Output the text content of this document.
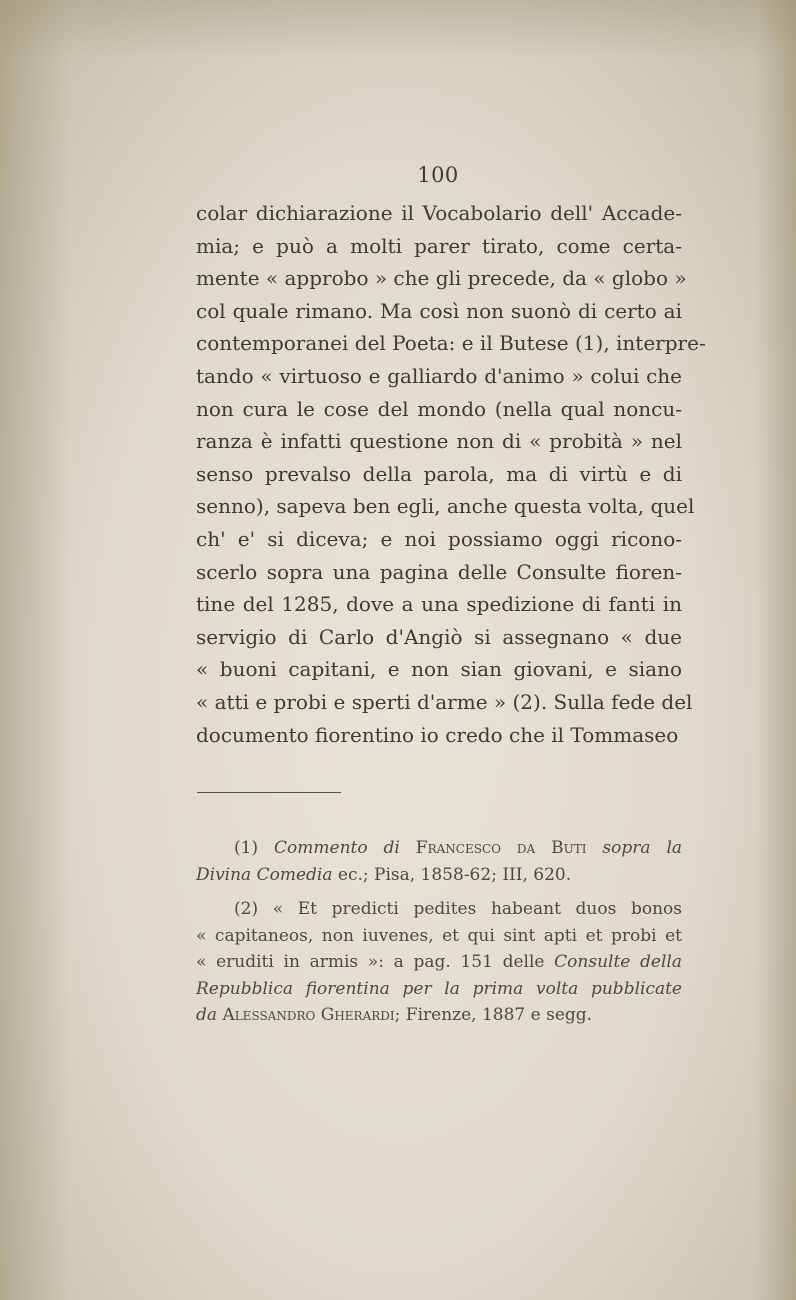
100
colar dichiarazione il Vocabolario dell' Accade-
mia; e può a molti parer tirato, come certa-
mente « approbo » che gli precede, da « globo »
col quale rimano. Ma così non suonò di certo ai
contemporanei del Poeta: e il Butese (1), interpre-
tando « virtuoso e galliardo d'animo » colui che
non cura le cose del mondo (nella qual noncu-
ranza è infatti questione non di « probità » nel
senso prevalso della parola, ma di virtù e di
senno), sapeva ben egli, anche questa volta, quel
ch' e' si diceva; e noi possiamo oggi ricono-
scerlo sopra una pagina delle Consulte fioren-
tine del 1285, dove a una spedizione di fanti in
servigio di Carlo d'Angiò si assegnano « due
« buoni capitani, e non sian giovani, e siano
« atti e probi e sperti d'arme » (2). Sulla fede del
documento fiorentino io credo che il Tommaseo
(1) Commento di Francesco da Buti sopra la
Divina Comedia ec.; Pisa, 1858-62; III, 620.
(2) « Et predicti pedites habeant duos bonos
« capitaneos, non iuvenes, et qui sint apti et probi et
« eruditi in armis »: a pag. 151 delle Consulte della
Repubblica fiorentina per la prima volta pubblicate
da Alessandro Gherardi; Firenze, 1887 e segg.
